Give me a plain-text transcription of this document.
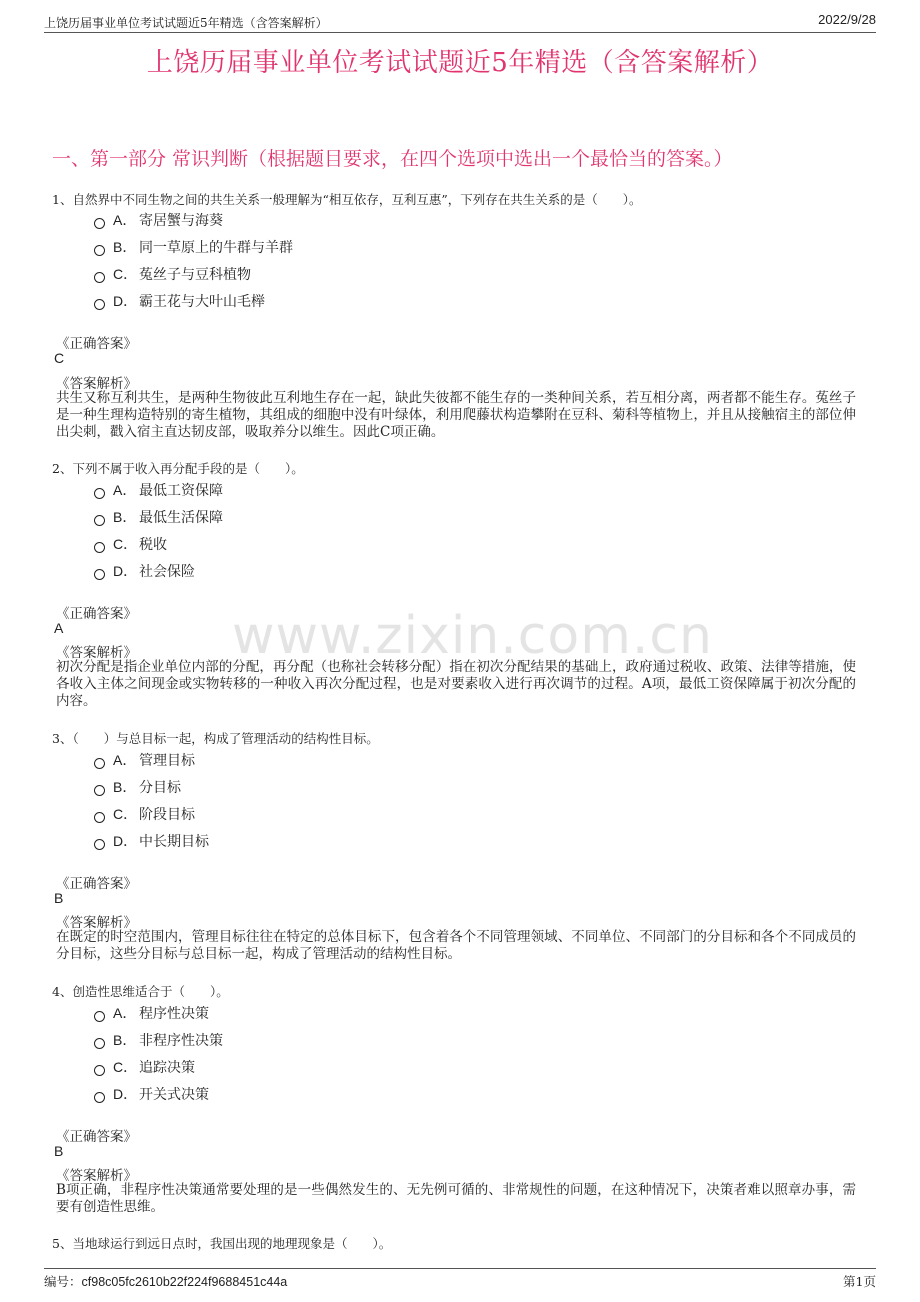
上饶历届事业单位考试试题近5年精选（含答案解析）	2022/9/28
上饶历届事业单位考试试题近5年精选（含答案解析）
一、第一部分 常识判断（根据题目要求，在四个选项中选出一个最恰当的答案。）
www.zixin.com.cn
1、自然界中不同生物之间的共生关系一般理解为“相互依存，互利互惠”，下列存在共生关系的是（　　）。
A． 寄居蟹与海葵
B． 同一草原上的牛群与羊群
C． 菟丝子与豆科植物
D． 霸王花与大叶山毛榉
《正确答案》
C
《答案解析》
共生又称互利共生，是两种生物彼此互利地生存在一起，缺此失彼都不能生存的一类种间关系，若互相分离，两者都不能生存。菟丝子是一种生理构造特别的寄生植物，其组成的细胞中没有叶绿体，利用爬藤状构造攀附在豆科、菊科等植物上，并且从接触宿主的部位伸出尖刺，戳入宿主直达韧皮部，吸取养分以维生。因此C项正确。
2、下列不属于收入再分配手段的是（　　）。
A． 最低工资保障
B． 最低生活保障
C． 税收
D． 社会保险
《正确答案》
A
《答案解析》
初次分配是指企业单位内部的分配，再分配（也称社会转移分配）指在初次分配结果的基础上，政府通过税收、政策、法律等措施，使各收入主体之间现金或实物转移的一种收入再次分配过程，也是对要素收入进行再次调节的过程。A项，最低工资保障属于初次分配的内容。
3、（　　）与总目标一起，构成了管理活动的结构性目标。
A． 管理目标
B． 分目标
C． 阶段目标
D． 中长期目标
《正确答案》
B
《答案解析》
在既定的时空范围内，管理目标往往在特定的总体目标下，包含着各个不同管理领域、不同单位、不同部门的分目标和各个不同成员的分目标，这些分目标与总目标一起，构成了管理活动的结构性目标。
4、创造性思维适合于（　　）。
A． 程序性决策
B． 非程序性决策
C． 追踪决策
D． 开关式决策
《正确答案》
B
《答案解析》
B项正确，非程序性决策通常要处理的是一些偶然发生的、无先例可循的、非常规性的问题，在这种情况下，决策者难以照章办事，需要有创造性思维。
5、当地球运行到远日点时，我国出现的地理现象是（　　）。
编号：cf98c05fc2610b22f224f9688451c44a	第1页
